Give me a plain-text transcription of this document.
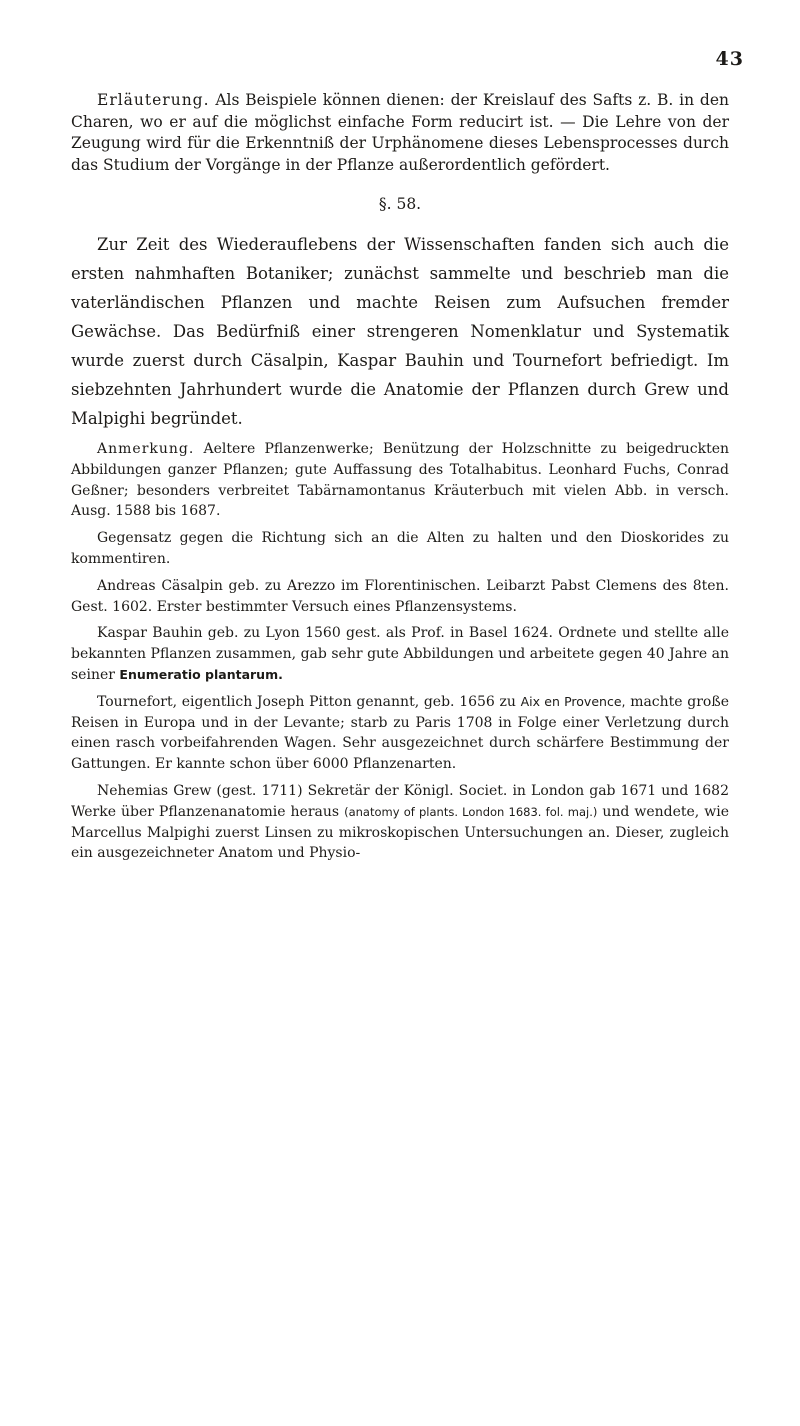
43

Erläuterung. Als Beispiele können dienen: der Kreislauf des Safts z. B. in den Charen, wo er auf die möglichst einfache Form reducirt ist. — Die Lehre von der Zeugung wird für die Erkenntniß der Urphänomene dieses Lebensprocesses durch das Studium der Vorgänge in der Pflanze außerordentlich gefördert.

§. 58.

Zur Zeit des Wiederauflebens der Wissenschaften fanden sich auch die ersten nahmhaften Botaniker; zunächst sammelte und beschrieb man die vaterländischen Pflanzen und machte Reisen zum Aufsuchen fremder Gewächse. Das Bedürfniß einer strengeren Nomenklatur und Systematik wurde zuerst durch Cäsalpin, Kaspar Bauhin und Tournefort befriedigt. Im siebzehnten Jahrhundert wurde die Anatomie der Pflanzen durch Grew und Malpighi begründet.

Anmerkung. Aeltere Pflanzenwerke; Benützung der Holzschnitte zu beigedruckten Abbildungen ganzer Pflanzen; gute Auffassung des Totalhabitus. Leonhard Fuchs, Conrad Geßner; besonders verbreitet Tabärnamontanus Kräuterbuch mit vielen Abb. in versch. Ausg. 1588 bis 1687.

Gegensatz gegen die Richtung sich an die Alten zu halten und den Dioskorides zu kommentiren.

Andreas Cäsalpin geb. zu Arezzo im Florentinischen. Leibarzt Pabst Clemens des 8ten. Gest. 1602. Erster bestimmter Versuch eines Pflanzensystems.

Kaspar Bauhin geb. zu Lyon 1560 gest. als Prof. in Basel 1624. Ordnete und stellte alle bekannten Pflanzen zusammen, gab sehr gute Abbildungen und arbeitete gegen 40 Jahre an seiner Enumeratio plantarum.

Tournefort, eigentlich Joseph Pitton genannt, geb. 1656 zu Aix en Provence, machte große Reisen in Europa und in der Levante; starb zu Paris 1708 in Folge einer Verletzung durch einen rasch vorbeifahrenden Wagen. Sehr ausgezeichnet durch schärfere Bestimmung der Gattungen. Er kannte schon über 6000 Pflanzenarten.

Nehemias Grew (gest. 1711) Sekretär der Königl. Societ. in London gab 1671 und 1682 Werke über Pflanzenanatomie heraus (anatomy of plants. London 1683. fol. maj.) und wendete, wie Marcellus Malpighi zuerst Linsen zu mikroskopischen Untersuchungen an. Dieser, zugleich ein ausgezeichneter Anatom und Physio-
